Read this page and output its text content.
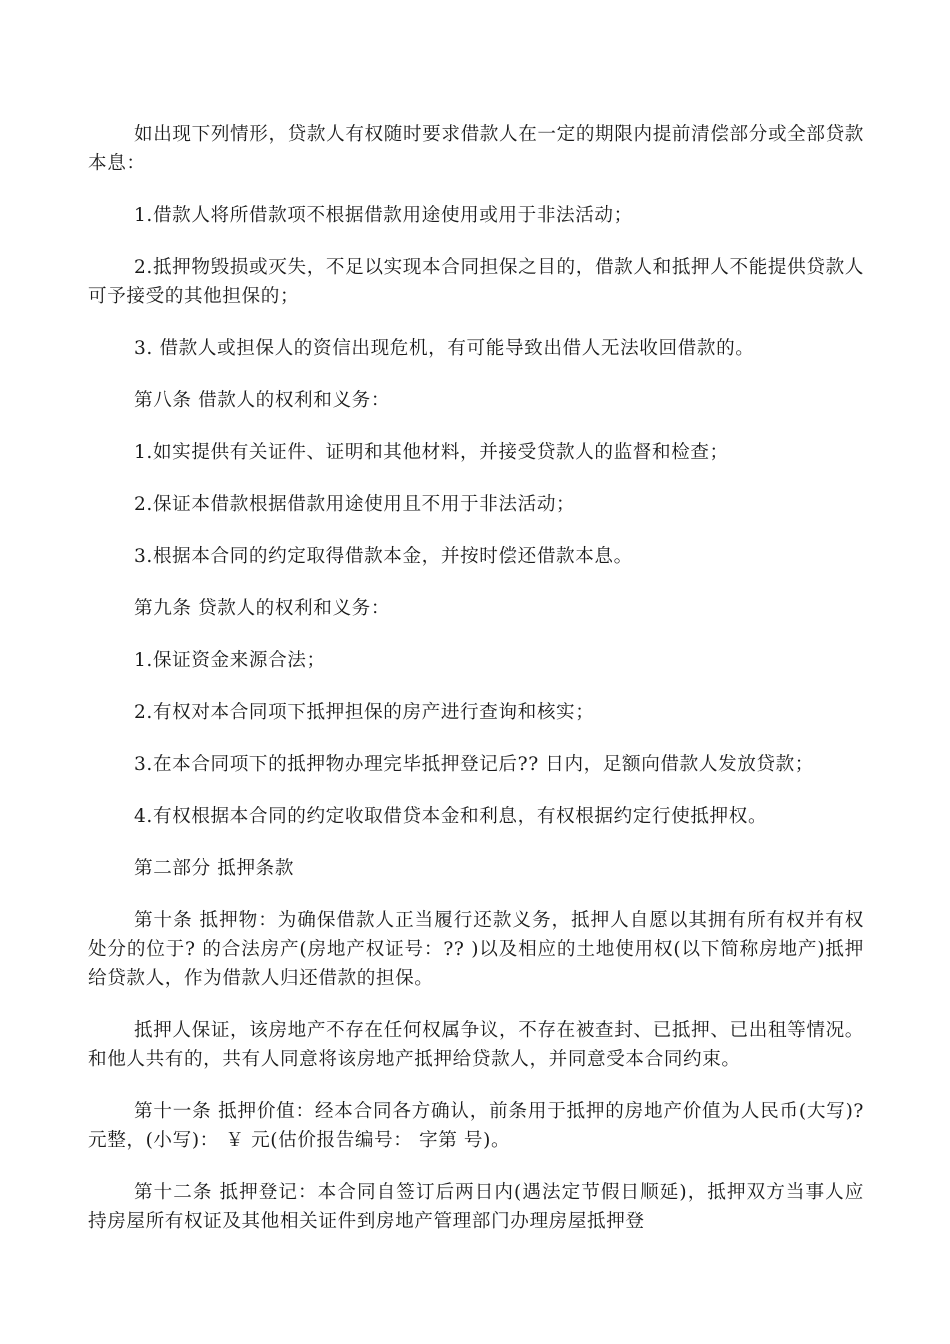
如出现下列情形，贷款人有权随时要求借款人在一定的期限内提前清偿部分或全部贷款本息：

1.借款人将所借款项不根据借款用途使用或用于非法活动；

2.抵押物毁损或灭失，不足以实现本合同担保之目的，借款人和抵押人不能提供贷款人可予接受的其他担保的；

3. 借款人或担保人的资信出现危机，有可能导致出借人无法收回借款的。

第八条 借款人的权利和义务：

1.如实提供有关证件、证明和其他材料，并接受贷款人的监督和检查；

2.保证本借款根据借款用途使用且不用于非法活动；

3.根据本合同的约定取得借款本金，并按时偿还借款本息。

第九条 贷款人的权利和义务：

1.保证资金来源合法；

2.有权对本合同项下抵押担保的房产进行查询和核实；

3.在本合同项下的抵押物办理完毕抵押登记后?? 日内，足额向借款人发放贷款；

4.有权根据本合同的约定收取借贷本金和利息，有权根据约定行使抵押权。

第二部分 抵押条款

第十条 抵押物：为确保借款人正当履行还款义务，抵押人自愿以其拥有所有权并有权处分的位于? 的合法房产(房地产权证号：?? )以及相应的土地使用权(以下简称房地产)抵押给贷款人，作为借款人归还借款的担保。

抵押人保证，该房地产不存在任何权属争议，不存在被查封、已抵押、已出租等情况。和他人共有的，共有人同意将该房地产抵押给贷款人，并同意受本合同约束。

第十一条 抵押价值：经本合同各方确认，前条用于抵押的房地产价值为人民币(大写)? 元整，(小写)： ￥ 元(估价报告编号： 字第 号)。

第十二条 抵押登记：本合同自签订后两日内(遇法定节假日顺延)，抵押双方当事人应持房屋所有权证及其他相关证件到房地产管理部门办理房屋抵押登
